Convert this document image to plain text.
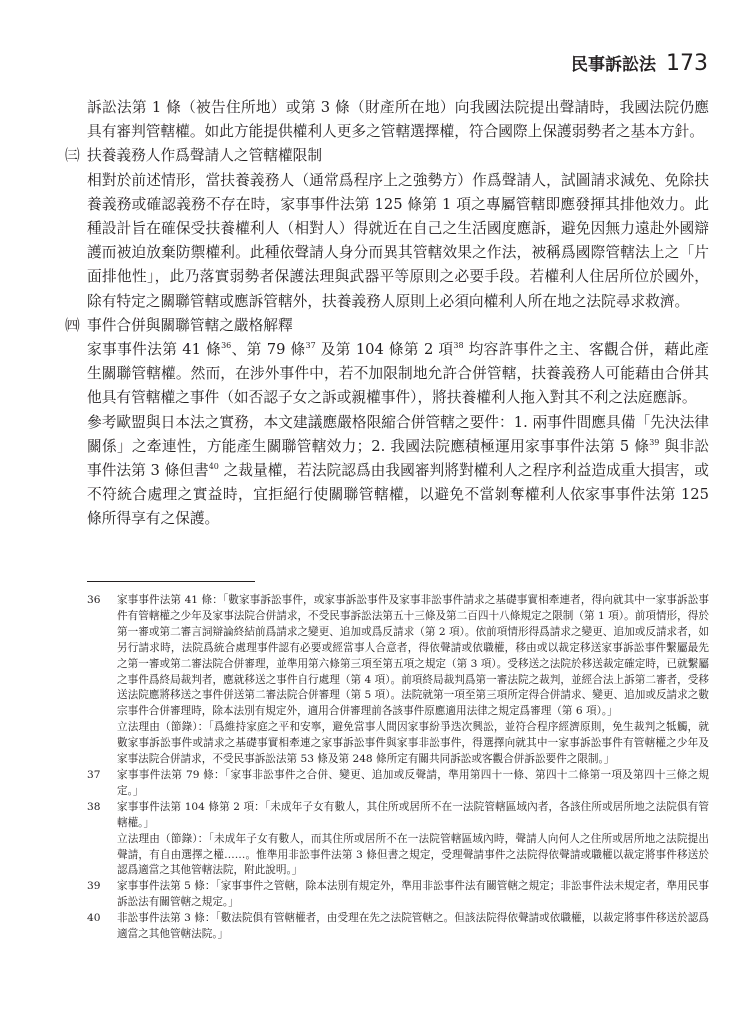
民事訴訟法 173

訴訟法第 1 條（被告住所地）或第 3 條（財產所在地）向我國法院提出聲請時，我國法院仍應具有審判管轄權。如此方能提供權利人更多之管轄選擇權，符合國際上保護弱勢者之基本方針。

㈢ 扶養義務人作爲聲請人之管轄權限制

相對於前述情形，當扶養義務人（通常爲程序上之強勢方）作爲聲請人，試圖請求減免、免除扶養義務或確認義務不存在時，家事事件法第 125 條第 1 項之專屬管轄即應發揮其排他效力。此種設計旨在確保受扶養權利人（相對人）得就近在自己之生活國度應訴，避免因無力遠赴外國辯護而被迫放棄防禦權利。此種依聲請人身分而異其管轄效果之作法，被稱爲國際管轄法上之「片面排他性」，此乃落實弱勢者保護法理與武器平等原則之必要手段。若權利人住居所位於國外，除有特定之關聯管轄或應訴管轄外，扶養義務人原則上必須向權利人所在地之法院尋求救濟。

㈣ 事件合併與關聯管轄之嚴格解釋

家事事件法第 41 條$^{36}$、第 79 條$^{37}$ 及第 104 條第 2 項$^{38}$ 均容許事件之主、客觀合併，藉此產生關聯管轄權。然而，在涉外事件中，若不加限制地允許合併管轄，扶養義務人可能藉由合併其他具有管轄權之事件（如否認子女之訴或親權事件），將扶養權利人拖入對其不利之法庭應訴。

參考歐盟與日本法之實務，本文建議應嚴格限縮合併管轄之要件：1. 兩事件間應具備「先決法律關係」之牽連性，方能產生關聯管轄效力；2. 我國法院應積極運用家事事件法第 5 條$^{39}$ 與非訟事件法第 3 條但書$^{40}$ 之裁量權，若法院認爲由我國審判將對權利人之程序利益造成重大損害，或不符統合處理之實益時，宜拒絕行使關聯管轄權，以避免不當剝奪權利人依家事事件法第 125 條所得享有之保護。

36	家事事件法第 41 條：「數家事訴訟事件，或家事訴訟事件及家事非訟事件請求之基礎事實相牽連者，得向就其中一家事訴訟事件有管轄權之少年及家事法院合併請求，不受民事訴訟法第五十三條及第二百四十八條規定之限制（第 1 項）。前項情形，得於第一審或第二審言詞辯論終結前爲請求之變更、追加或爲反請求（第 2 項）。依前項情形得爲請求之變更、追加或反請求者，如另行請求時，法院爲統合處理事件認有必要或經當事人合意者，得依聲請或依職權，移由或以裁定移送家事訴訟事件繫屬最先之第一審或第二審法院合併審理，並準用第六條第三項至第五項之規定（第 3 項）。受移送之法院於移送裁定確定時，已就繫屬之事件爲終局裁判者，應就移送之事件自行處理（第 4 項）。前項終局裁判爲第一審法院之裁判，並經合法上訴第二審者，受移送法院應將移送之事件併送第二審法院合併審理（第 5 項）。法院就第一項至第三項所定得合併請求、變更、追加或反請求之數宗事件合併審理時，除本法別有規定外，適用合併審理前各該事件原應適用法律之規定爲審理（第 6 項）。」
立法理由（節錄）：「爲維持家庭之平和安寧，避免當事人間因家事紛爭迭次興訟，並符合程序經濟原則，免生裁判之牴觸，就數家事訴訟事件或請求之基礎事實相牽連之家事訴訟事件與家事非訟事件，得選擇向就其中一家事訴訟事件有管轄權之少年及家事法院合併請求，不受民事訴訟法第 53 條及第 248 條所定有關共同訴訟或客觀合併訴訟要件之限制。」
37	家事事件法第 79 條：「家事非訟事件之合併、變更、追加或反聲請，準用第四十一條、第四十二條第一項及第四十三條之規定。」
38	家事事件法第 104 條第 2 項：「未成年子女有數人，其住所或居所不在一法院管轄區域內者，各該住所或居所地之法院俱有管轄權。」
立法理由（節錄）：「未成年子女有數人，而其住所或居所不在一法院管轄區域內時，聲請人向何人之住所或居所地之法院提出聲請，有自由選擇之權……。惟準用非訟事件法第 3 條但書之規定，受理聲請事件之法院得依聲請或職權以裁定將事件移送於認爲適當之其他管轄法院，附此說明。」
39	家事事件法第 5 條：「家事事件之管轄，除本法別有規定外，準用非訟事件法有關管轄之規定；非訟事件法未規定者，準用民事訴訟法有關管轄之規定。」
40	非訟事件法第 3 條：「數法院俱有管轄權者，由受理在先之法院管轄之。但該法院得依聲請或依職權，以裁定將事件移送於認爲適當之其他管轄法院。」
